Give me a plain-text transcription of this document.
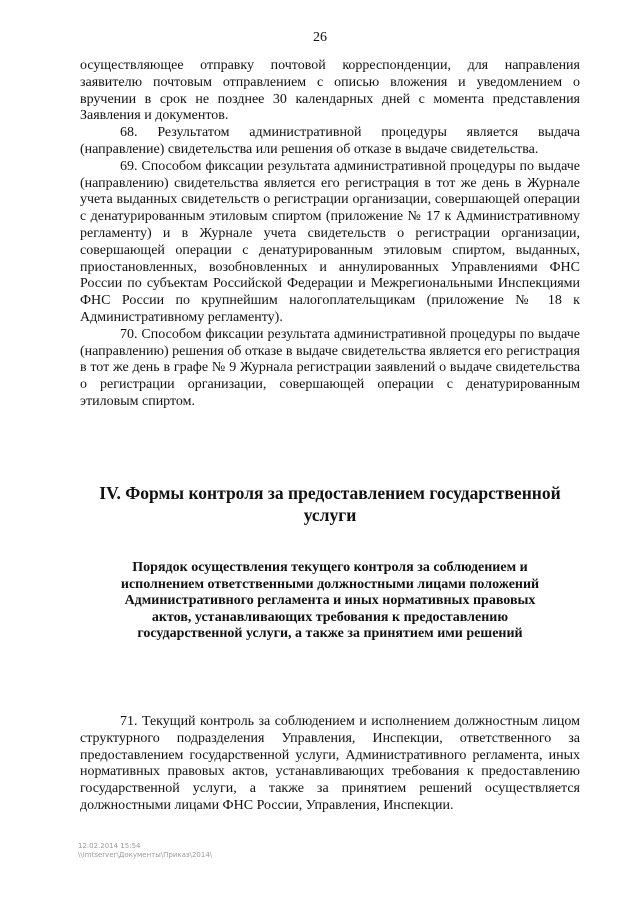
26

осуществляющее отправку почтовой корреспонденции, для направления заявителю почтовым отправлением с описью вложения и уведомлением о вручении в срок не позднее 30 календарных дней с момента представления Заявления и документов.

68. Результатом административной процедуры является выдача (направление) свидетельства или решения об отказе в выдаче свидетельства.

69. Способом фиксации результата административной процедуры по выдаче (направлению) свидетельства является его регистрация в тот же день в Журнале учета выданных свидетельств о регистрации организации, совершающей операции с денатурированным этиловым спиртом (приложение № 17 к Административному регламенту) и в Журнале учета свидетельств о регистрации организации, совершающей операции с денатурированным этиловым спиртом, выданных, приостановленных, возобновленных и аннулированных Управлениями ФНС России по субъектам Российской Федерации и Межрегиональными Инспекциями ФНС России по крупнейшим налогоплательщикам (приложение № 18 к Административному регламенту).

70. Способом фиксации результата административной процедуры по выдаче (направлению) решения об отказе в выдаче свидетельства является его регистрация в тот же день в графе № 9 Журнала регистрации заявлений о выдаче свидетельства о регистрации организации, совершающей операции с денатурированным этиловым спиртом.

IV. Формы контроля за предоставлением государственной услуги
Порядок осуществления текущего контроля за соблюдением и исполнением ответственными должностными лицами положений Административного регламента и иных нормативных правовых актов, устанавливающих требования к предоставлению государственной услуги, а также за принятием ими решений

71. Текущий контроль за соблюдением и исполнением должностным лицом структурного подразделения Управления, Инспекции, ответственного за предоставлением государственной услуги, Административного регламента, иных нормативных правовых актов, устанавливающих требования к предоставлению государственной услуги, а также за принятием решений осуществляется должностными лицами ФНС России, Управления, Инспекции.

12.02.2014 15:54
\\Imtserver\Документы\Приказ\2014\
